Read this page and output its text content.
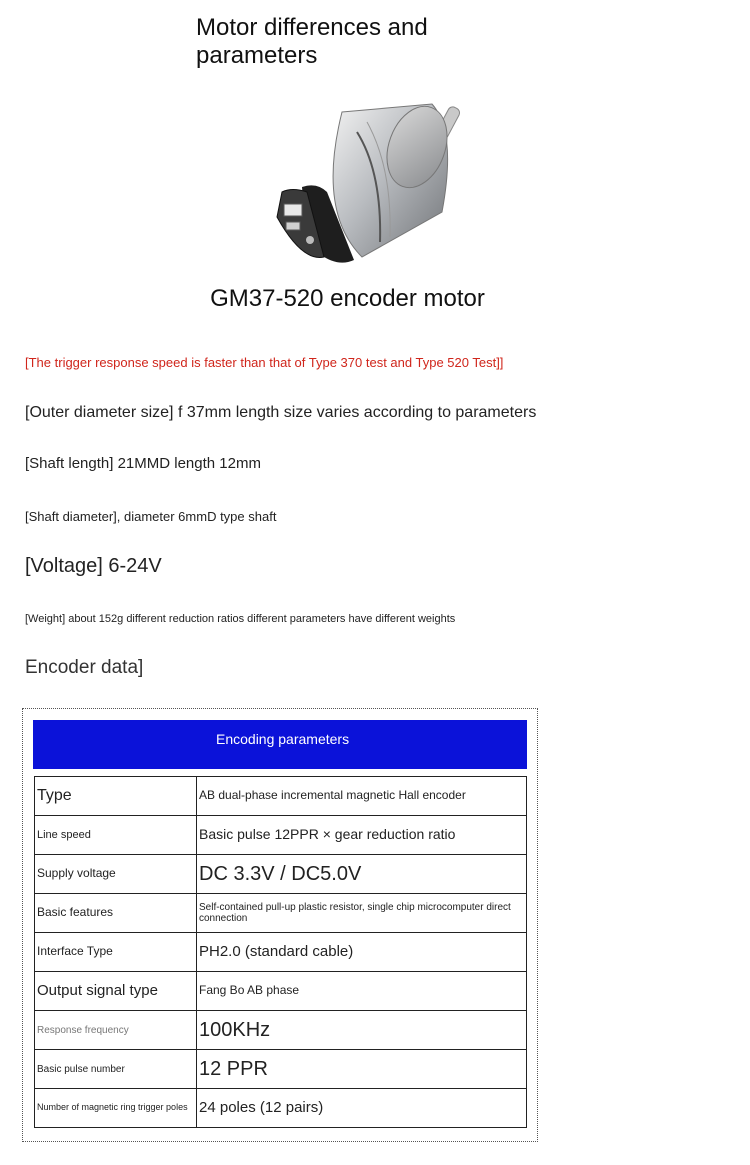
Motor differences and parameters
GM37-520 encoder motor
[The trigger response speed is faster than that of Type 370 test and Type 520 Test]]
[Outer diameter size] f 37mm length size varies according to parameters
[Shaft length] 21MMD length 12mm
[Shaft diameter], diameter 6mmD type shaft
[Voltage] 6-24V
[Weight] about 152g different reduction ratios different parameters have different weights
Encoder data]
Encoding parameters
Type	AB dual-phase incremental magnetic Hall encoder
Line speed	Basic pulse 12PPR × gear reduction ratio
Supply voltage	DC 3.3V / DC5.0V
Basic features	Self-contained pull-up plastic resistor, single chip microcomputer direct connection
Interface Type	PH2.0 (standard cable)
Output signal type	Fang Bo AB phase
Response frequency	100KHz
Basic pulse number	12 PPR
Number of magnetic ring trigger poles	24 poles (12 pairs)
